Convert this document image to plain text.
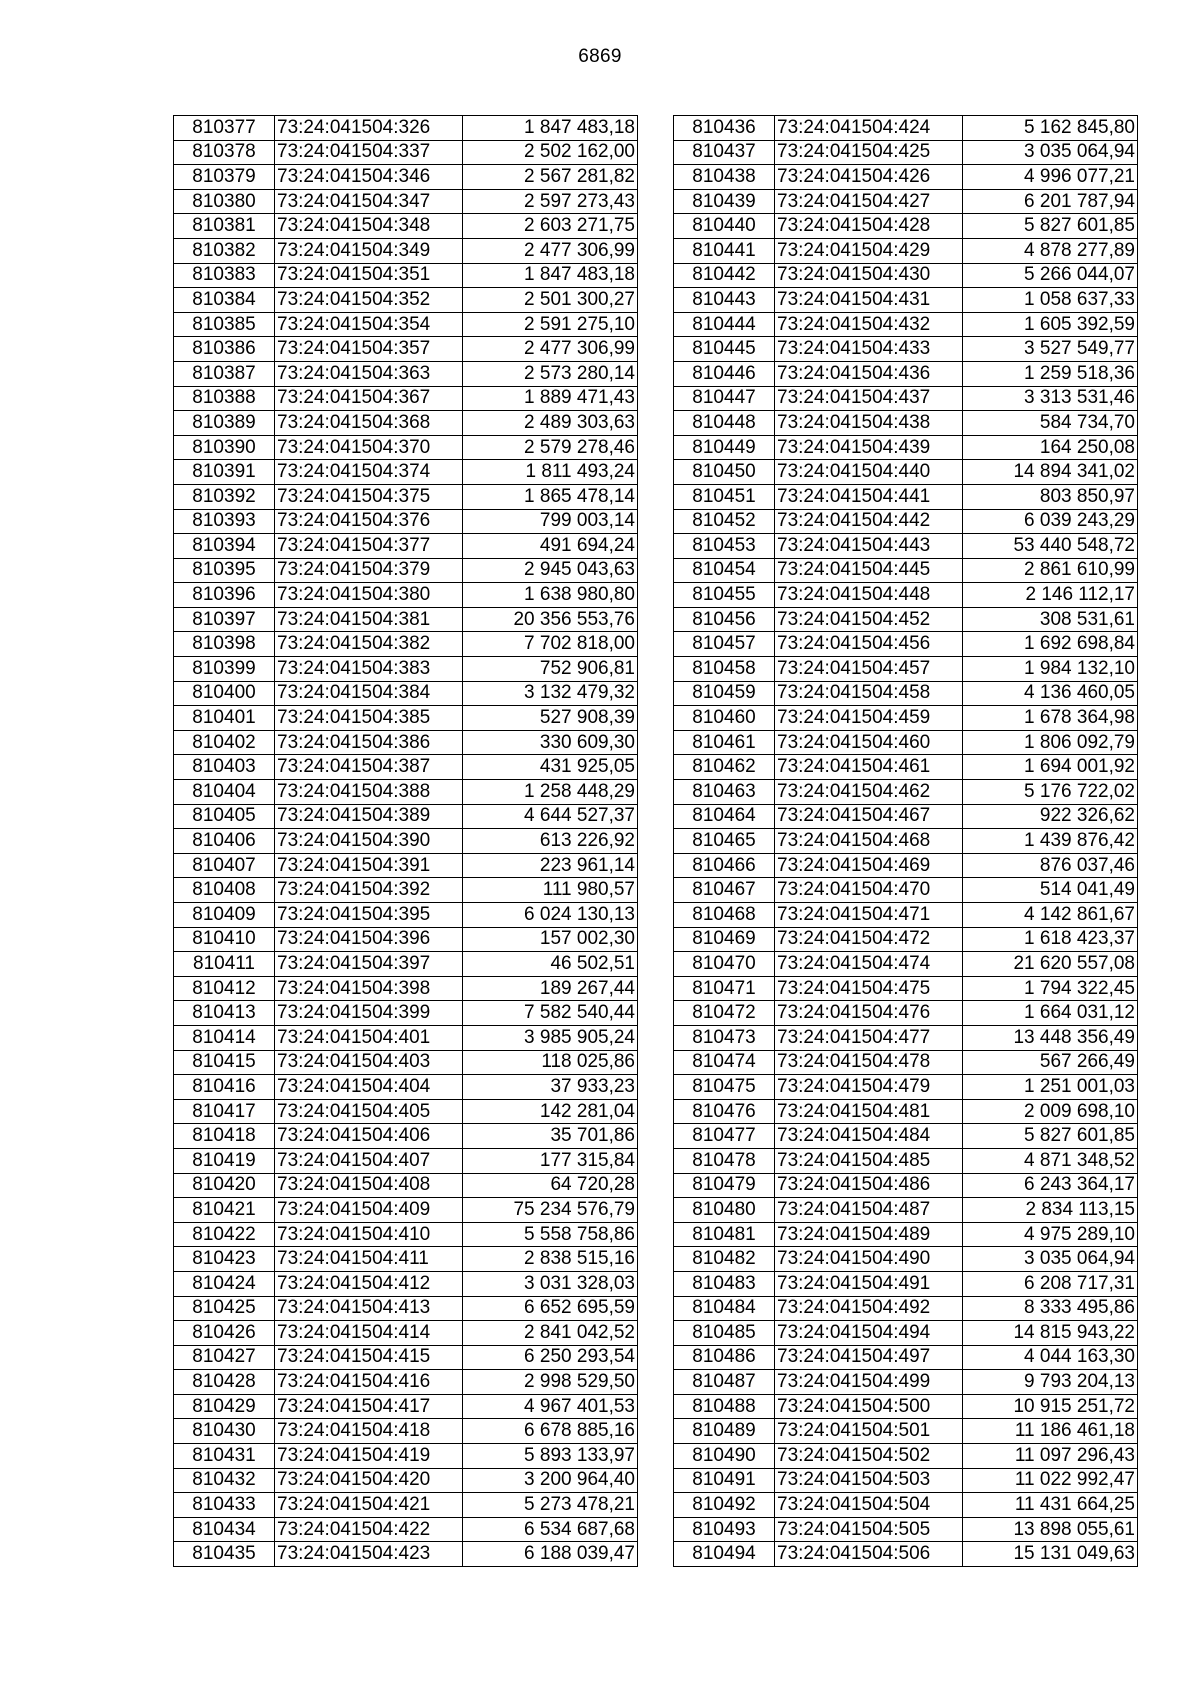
6869
810377	73:24:041504:326	1 847 483,18
810378	73:24:041504:337	2 502 162,00
810379	73:24:041504:346	2 567 281,82
810380	73:24:041504:347	2 597 273,43
810381	73:24:041504:348	2 603 271,75
810382	73:24:041504:349	2 477 306,99
810383	73:24:041504:351	1 847 483,18
810384	73:24:041504:352	2 501 300,27
810385	73:24:041504:354	2 591 275,10
810386	73:24:041504:357	2 477 306,99
810387	73:24:041504:363	2 573 280,14
810388	73:24:041504:367	1 889 471,43
810389	73:24:041504:368	2 489 303,63
810390	73:24:041504:370	2 579 278,46
810391	73:24:041504:374	1 811 493,24
810392	73:24:041504:375	1 865 478,14
810393	73:24:041504:376	799 003,14
810394	73:24:041504:377	491 694,24
810395	73:24:041504:379	2 945 043,63
810396	73:24:041504:380	1 638 980,80
810397	73:24:041504:381	20 356 553,76
810398	73:24:041504:382	7 702 818,00
810399	73:24:041504:383	752 906,81
810400	73:24:041504:384	3 132 479,32
810401	73:24:041504:385	527 908,39
810402	73:24:041504:386	330 609,30
810403	73:24:041504:387	431 925,05
810404	73:24:041504:388	1 258 448,29
810405	73:24:041504:389	4 644 527,37
810406	73:24:041504:390	613 226,92
810407	73:24:041504:391	223 961,14
810408	73:24:041504:392	111 980,57
810409	73:24:041504:395	6 024 130,13
810410	73:24:041504:396	157 002,30
810411	73:24:041504:397	46 502,51
810412	73:24:041504:398	189 267,44
810413	73:24:041504:399	7 582 540,44
810414	73:24:041504:401	3 985 905,24
810415	73:24:041504:403	118 025,86
810416	73:24:041504:404	37 933,23
810417	73:24:041504:405	142 281,04
810418	73:24:041504:406	35 701,86
810419	73:24:041504:407	177 315,84
810420	73:24:041504:408	64 720,28
810421	73:24:041504:409	75 234 576,79
810422	73:24:041504:410	5 558 758,86
810423	73:24:041504:411	2 838 515,16
810424	73:24:041504:412	3 031 328,03
810425	73:24:041504:413	6 652 695,59
810426	73:24:041504:414	2 841 042,52
810427	73:24:041504:415	6 250 293,54
810428	73:24:041504:416	2 998 529,50
810429	73:24:041504:417	4 967 401,53
810430	73:24:041504:418	6 678 885,16
810431	73:24:041504:419	5 893 133,97
810432	73:24:041504:420	3 200 964,40
810433	73:24:041504:421	5 273 478,21
810434	73:24:041504:422	6 534 687,68
810435	73:24:041504:423	6 188 039,47
810436	73:24:041504:424	5 162 845,80
810437	73:24:041504:425	3 035 064,94
810438	73:24:041504:426	4 996 077,21
810439	73:24:041504:427	6 201 787,94
810440	73:24:041504:428	5 827 601,85
810441	73:24:041504:429	4 878 277,89
810442	73:24:041504:430	5 266 044,07
810443	73:24:041504:431	1 058 637,33
810444	73:24:041504:432	1 605 392,59
810445	73:24:041504:433	3 527 549,77
810446	73:24:041504:436	1 259 518,36
810447	73:24:041504:437	3 313 531,46
810448	73:24:041504:438	584 734,70
810449	73:24:041504:439	164 250,08
810450	73:24:041504:440	14 894 341,02
810451	73:24:041504:441	803 850,97
810452	73:24:041504:442	6 039 243,29
810453	73:24:041504:443	53 440 548,72
810454	73:24:041504:445	2 861 610,99
810455	73:24:041504:448	2 146 112,17
810456	73:24:041504:452	308 531,61
810457	73:24:041504:456	1 692 698,84
810458	73:24:041504:457	1 984 132,10
810459	73:24:041504:458	4 136 460,05
810460	73:24:041504:459	1 678 364,98
810461	73:24:041504:460	1 806 092,79
810462	73:24:041504:461	1 694 001,92
810463	73:24:041504:462	5 176 722,02
810464	73:24:041504:467	922 326,62
810465	73:24:041504:468	1 439 876,42
810466	73:24:041504:469	876 037,46
810467	73:24:041504:470	514 041,49
810468	73:24:041504:471	4 142 861,67
810469	73:24:041504:472	1 618 423,37
810470	73:24:041504:474	21 620 557,08
810471	73:24:041504:475	1 794 322,45
810472	73:24:041504:476	1 664 031,12
810473	73:24:041504:477	13 448 356,49
810474	73:24:041504:478	567 266,49
810475	73:24:041504:479	1 251 001,03
810476	73:24:041504:481	2 009 698,10
810477	73:24:041504:484	5 827 601,85
810478	73:24:041504:485	4 871 348,52
810479	73:24:041504:486	6 243 364,17
810480	73:24:041504:487	2 834 113,15
810481	73:24:041504:489	4 975 289,10
810482	73:24:041504:490	3 035 064,94
810483	73:24:041504:491	6 208 717,31
810484	73:24:041504:492	8 333 495,86
810485	73:24:041504:494	14 815 943,22
810486	73:24:041504:497	4 044 163,30
810487	73:24:041504:499	9 793 204,13
810488	73:24:041504:500	10 915 251,72
810489	73:24:041504:501	11 186 461,18
810490	73:24:041504:502	11 097 296,43
810491	73:24:041504:503	11 022 992,47
810492	73:24:041504:504	11 431 664,25
810493	73:24:041504:505	13 898 055,61
810494	73:24:041504:506	15 131 049,63
